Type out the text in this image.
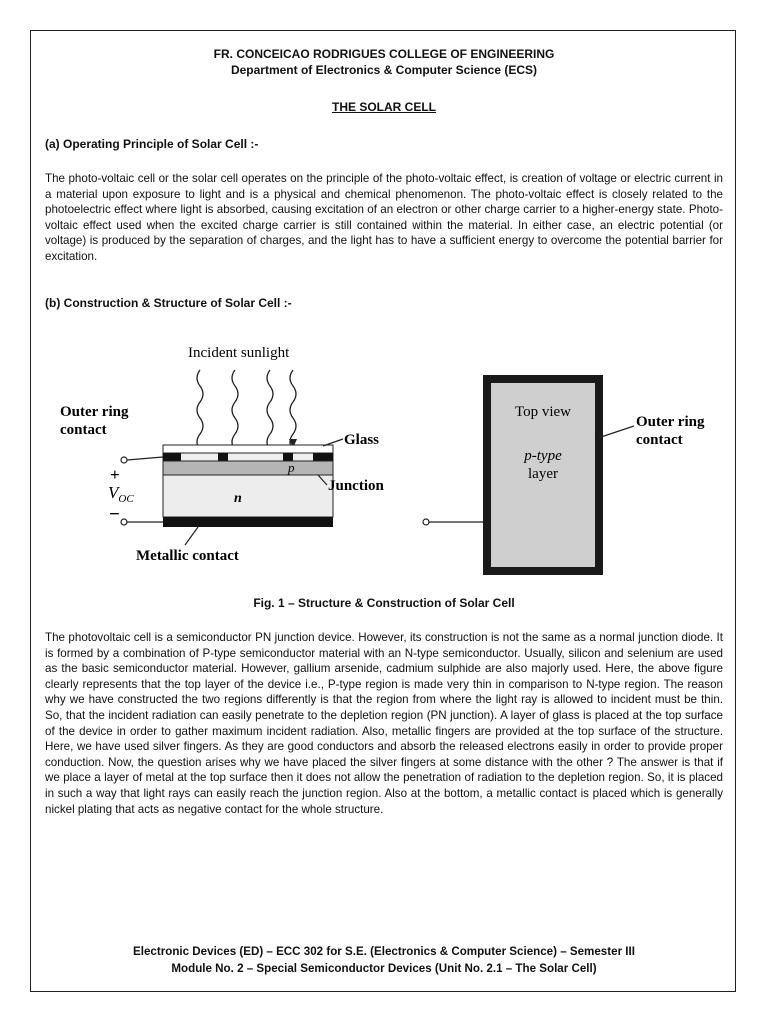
FR. CONCEICAO RODRIGUES COLLEGE OF ENGINEERING
Department of Electronics & Computer Science (ECS)
THE SOLAR CELL
(a) Operating Principle of Solar Cell :-

The photo-voltaic cell or the solar cell operates on the principle of the photo-voltaic effect, is creation of voltage or electric current in a material upon exposure to light and is a physical and chemical phenomenon. The photo-voltaic effect is closely related to the photoelectric effect where light is absorbed, causing excitation of an electron or other charge carrier to a higher-energy state. Photo-voltaic effect used when the excited charge carrier is still contained within the material. In either case, an electric potential (or voltage) is produced by the separation of charges, and the light has to have a sufficient energy to overcome the potential barrier for excitation.

(b) Construction & Structure of Solar Cell :-
Incident sunlight
p
n
Outer ring
contact
+
$V_{OC}$
−
Glass
Junction
Metallic contact
Top view
p-type
layer
Outer ring
contact
Fig. 1 – Structure & Construction of Solar Cell

The photovoltaic cell is a semiconductor PN junction device. However, its construction is not the same as a normal junction diode. It is formed by a combination of P-type semiconductor material with an N-type semiconductor. Usually, silicon and selenium are used as the basic semiconductor material. However, gallium arsenide, cadmium sulphide are also majorly used. Here, the above figure clearly represents that the top layer of the device i.e., P-type region is made very thin in comparison to N-type region. The reason why we have constructed the two regions differently is that the region from where the light ray is allowed to incident must be thin. So, that the incident radiation can easily penetrate to the depletion region (PN junction). A layer of glass is placed at the top surface of the device in order to gather maximum incident radiation. Also, metallic fingers are provided at the top surface of the structure. Here, we have used silver fingers. As they are good conductors and absorb the released electrons easily in order to provide proper conduction. Now, the question arises why we have placed the silver fingers at some distance with the other ? The answer is that if we place a layer of metal at the top surface then it does not allow the penetration of radiation to the depletion region. So, it is placed in such a way that light rays can easily reach the junction region. Also at the bottom, a metallic contact is placed which is generally nickel plating that acts as negative contact for the whole structure.

Electronic Devices (ED) – ECC 302 for S.E. (Electronics & Computer Science) – Semester III
Module No. 2 – Special Semiconductor Devices (Unit No. 2.1 – The Solar Cell)
